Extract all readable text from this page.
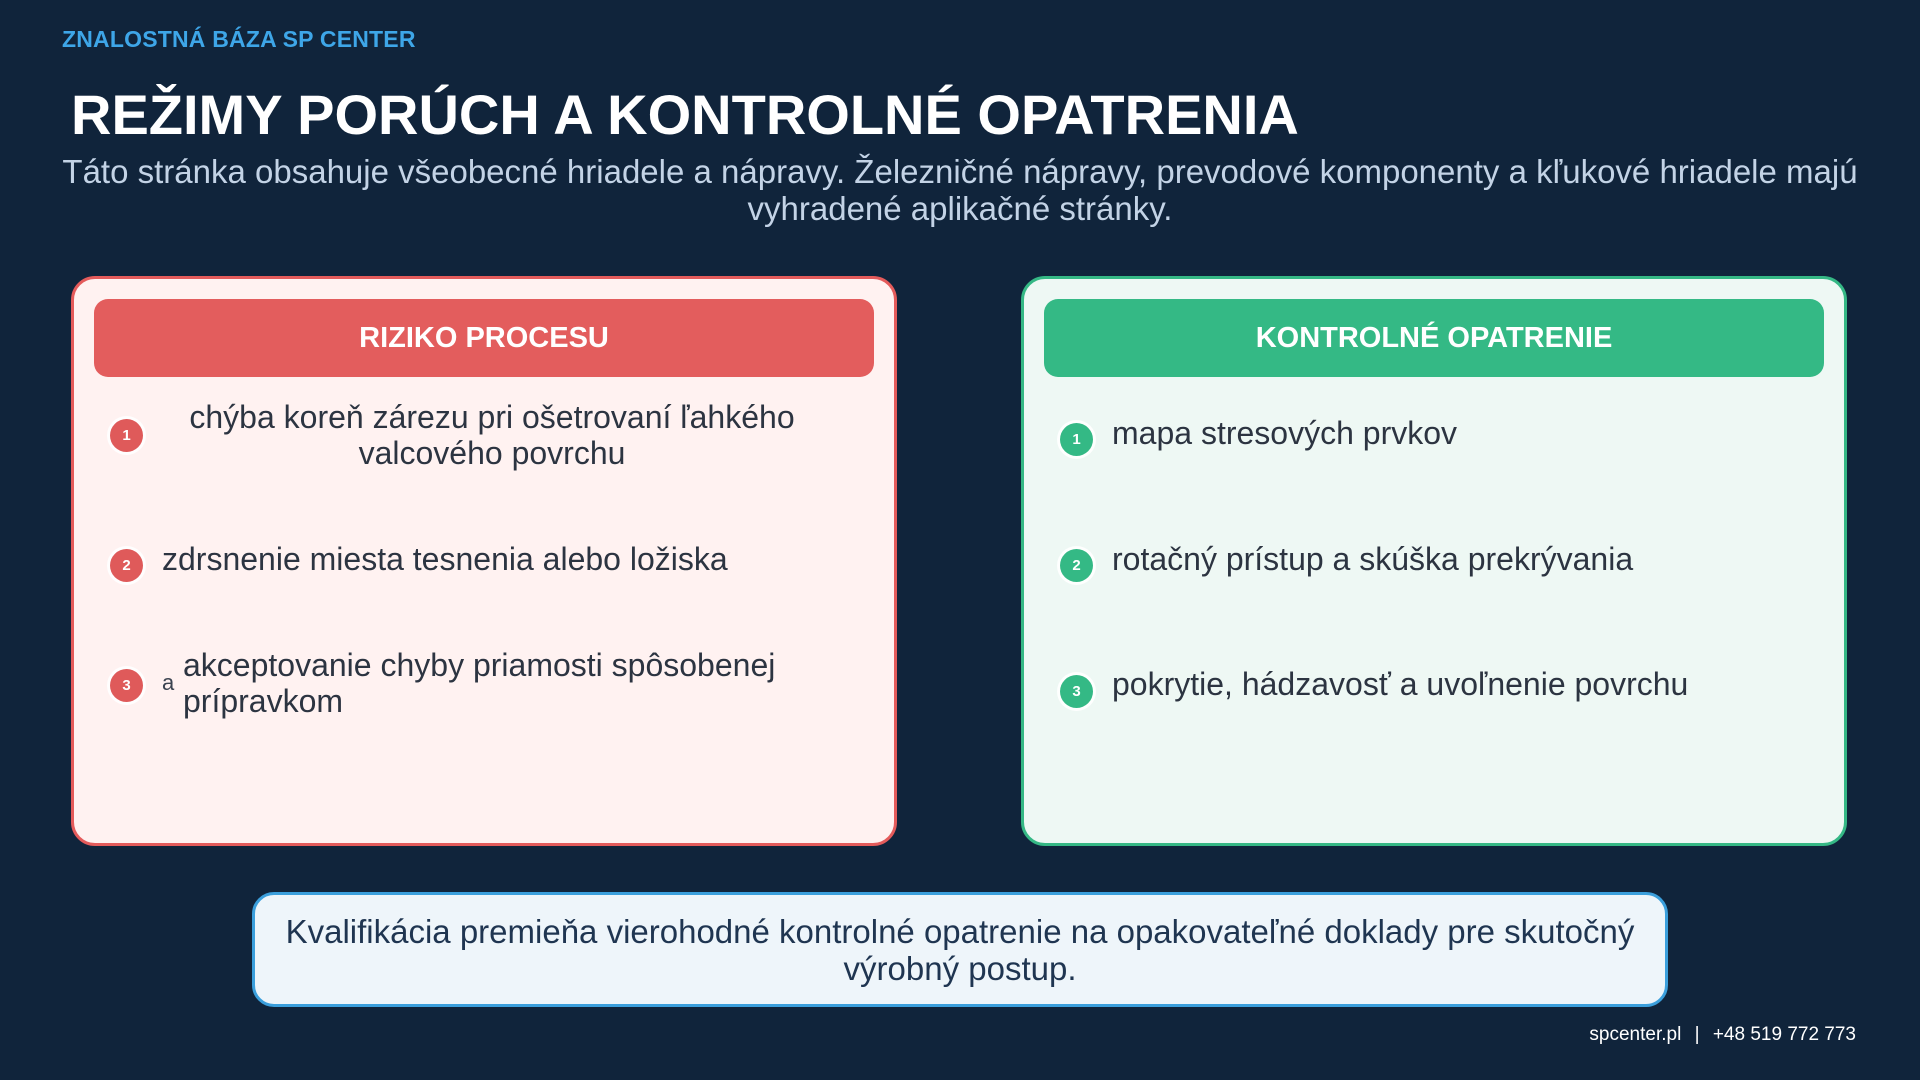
ZNALOSTNÁ BÁZA SP CENTER
REŽIMY PORÚCH A KONTROLNÉ OPATRENIA
Táto stránka obsahuje všeobecné hriadele a nápravy. Železničné nápravy, prevodové komponenty a kľukové hriadele majú vyhradené aplikačné stránky.
RIZIKO PROCESU
1
chýba koreň zárezu pri ošetrovaní ľahkého valcového povrchu
2 zdrsnenie miesta tesnenia alebo ložiska
3	a akceptovanie chyby priamosti spôsobenej prípravkom
KONTROLNÉ OPATRENIE
1 mapa stresových prvkov
2 rotačný prístup a skúška prekrývania
3 pokrytie, hádzavosť a uvoľnenie povrchu
Kvalifikácia premieňa vierohodné kontrolné opatrenie na opakovateľné doklady pre skutočný výrobný postup.
spcenter.pl | +48 519 772 773
